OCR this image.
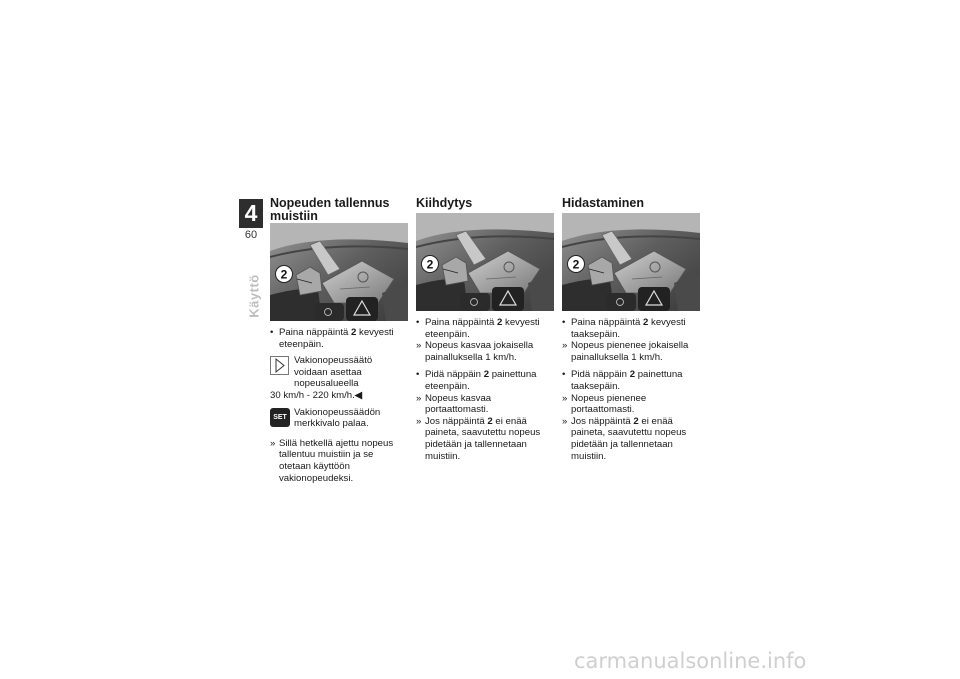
4
60
Käyttö
Nopeuden tallennus muistiin
2
• Paina näppäintä 2 kevyesti eteenpäin.
Vakionopeussäätö voidaan asettaa nopeusalueella
30 km/h - 220 km/h.◀
SET Vakionopeussäädön merkkivalo palaa.
» Sillä hetkellä ajettu nopeus tallentuu muistiin ja se otetaan käyttöön vakionopeudeksi.
Kiihdytys
2
• Paina näppäintä 2 kevyesti eteenpäin.
» Nopeus kasvaa jokaisella painalluksella 1 km/h.
• Pidä näppäin 2 painettuna eteenpäin.
» Nopeus kasvaa portaattomasti.
» Jos näppäintä 2 ei enää paineta, saavutettu nopeus pidetään ja tallennetaan muistiin.
Hidastaminen
2
• Paina näppäintä 2 kevyesti taaksepäin.
» Nopeus pienenee jokaisella painalluksella 1 km/h.
• Pidä näppäin 2 painettuna taaksepäin.
» Nopeus pienenee portaattomasti.
» Jos näppäintä 2 ei enää paineta, saavutettu nopeus pidetään ja tallennetaan muistiin.
carmanualsonline.info
